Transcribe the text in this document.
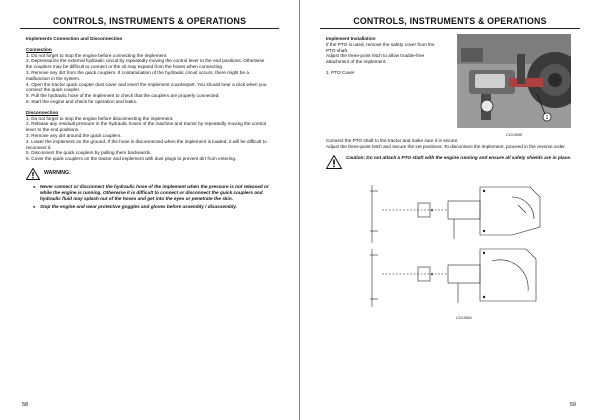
CONTROLS, INSTRUMENTS & OPERATIONS

Implements Connection and Disconnection

Connection

1. Do not forget to stop the engine before connecting the implement.

2. Depressurize the external hydraulic circuit by repeatedly moving the control lever to the end positions. Otherwise the couplers may be difficult to connect or the oil may expand from the hoses when connecting.

3. Remove any dirt from the quick couplers. If contamination of the hydraulic circuit occurs, there might be a malfunction in the system.

4. Open the tractor quick coupler dust cover and insert the implement counterpart. You should hear a click when you connect the quick coupler.

5. Pull the hydraulic hose of the implement to check that the couplers are properly connected.

6. Start the engine and check for operation and leaks.

Disconnection

1. Do not forget to stop the engine before disconnecting the implement.

2. Release any residual pressure in the hydraulic hoses of the machine and tractor by repeatedly moving the control lever to the end positions.

3. Remove any dirt around the quick couplers.

4. Lower the implement on the ground. If the hose is disconnected when the implement is loaded, it will be difficult to reconnect it.

5. Disconnect the quick couplers by pulling them backwards.

6. Cover the quick couplers on the tractor and implement with dust plugs to prevent dirt from entering.

WARNING:
● Never connect or disconnect the hydraulic hose of the implement when the pressure is not released or while the engine is running. Otherwise it is difficult to connect or disconnect the quick couplers and hydraulic fluid may splash out of the hoses and get into the eyes or penetrate the skin.
● Stop the engine and wear protective goggles and gloves before assembly / disassembly.
58
CONTROLS, INSTRUMENTS & OPERATIONS

Implement Installation

If the PTO is used, remove the safety cover from the PTO shaft.

Adjust the three-point hitch to allow trouble-free attachment of the implement.

1. PTO Cover

1
CCL0665

Connect the PTO shaft to the tractor and make sure it is secure.

Adjust the three-point hitch and secure the set positions. To disconnect the implement, proceed in the reverse order.

Caution: Do not attach a PTO shaft with the engine running and ensure all safety shields are in place.
CCL0661
59
